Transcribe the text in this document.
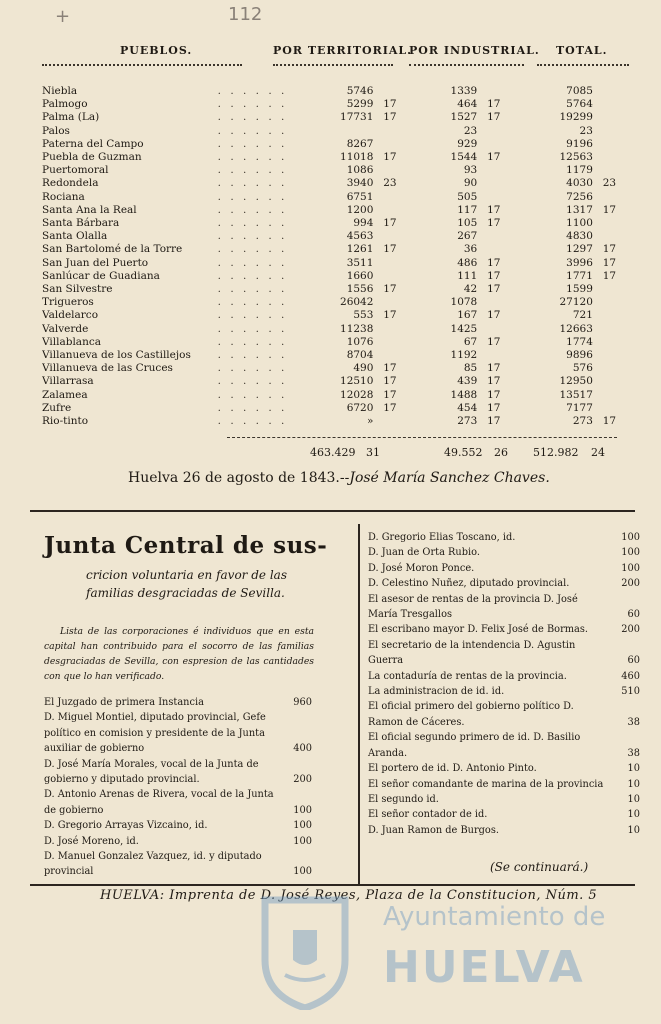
+	112
PUEBLOS.	POR TERRITORIAL.
POR INDUSTRIAL. TOTAL.
Niebla	. . . . . .	5746		1339		7085	
Palmogo	. . . . . .	5299	17	464	17	5764	
Palma (La)	. . . . . .	17731	17	1527	17	19299	
Palos	. . . . . .			23		23	
Paterna del Campo	. . . . . .	8267		929		9196	
Puebla de Guzman	. . . . . .	11018	17	1544	17	12563	
Puertomoral	. . . . . .	1086		93		1179	
Redondela	. . . . . .	3940	23	90		4030	23
Rociana	. . . . . .	6751		505		7256	
Santa Ana la Real	. . . . . .	1200		117	17	1317	17
Santa Bárbara	. . . . . .	994	17	105	17	1100	
Santa Olalla	. . . . . .	4563		267		4830	
San Bartolomé de la Torre	. . . . . .	1261	17	36		1297	17
San Juan del Puerto	. . . . . .	3511		486	17	3996	17
Sanlúcar de Guadiana	. . . . . .	1660		111	17	1771	17
San Silvestre	. . . . . .	1556	17	42	17	1599	
Trigueros	. . . . . .	26042		1078		27120	
Valdelarco	. . . . . .	553	17	167	17	721	
Valverde	. . . . . .	11238		1425		12663	
Villablanca	. . . . . .	1076		67	17	1774	
Villanueva de los Castillejos	. . . . . .	8704		1192		9896	
Villanueva de las Cruces	. . . . . .	490	17	85	17	576	
Villarrasa	. . . . . .	12510	17	439	17	12950	
Zalamea	. . . . . .	12028	17	1488	17	13517	
Zufre	. . . . . .	6720	17	454	17	7177	
Rio-tinto	. . . . . .	»		273	17	273	17
463.429 31	49.552 26 512.982 24
Huelva 26 de agosto de 1843.--José María Sanchez Chaves.
Junta Central de sus-
cricion voluntaria en favor de las familias desgraciadas de Sevilla.
Lista de las corporaciones é individuos que en esta capital han contribuido para el socorro de las familias desgraciadas de Sevilla, con espresion de las cantidades con que lo han verificado.
El Juzgado de primera Instancia	960
D. Miguel Montiel, diputado provincial, Gefe político en comision y presidente de la Junta auxiliar de gobierno	400
D. José María Morales, vocal de la Junta de gobierno y diputado provincial.	200
D. Antonio Arenas de Rivera, vocal de la Junta de gobierno	100
D. Gregorio Arrayas Vizcaino, id.	100
D. José Moreno, id.	100
D. Manuel Gonzalez Vazquez, id. y diputado provincial	100
D. Gregorio Elias Toscano, id.	100
D. Juan de Orta Rubio.	100
D. José Moron Ponce.	100
D. Celestino Nuñez, diputado provincial.	200
El asesor de rentas de la provincia D. José María Tresgallos	60
El escribano mayor D. Felix José de Bormas.	200
El secretario de la intendencia D. Agustin Guerra	60
La contaduría de rentas de la provincia.	460
La administracion de id. id.	510
El oficial primero del gobierno político D. Ramon de Cáceres.	38
El oficial segundo primero de id. D. Basilio Aranda.	38
El portero de id. D. Antonio Pinto.	10
El señor comandante de marina de la provincia	10
El segundo id.	10
El señor contador de id.	10
D. Juan Ramon de Burgos.	10
(Se continuará.)
HUELVA: Imprenta de D. José Reyes, Plaza de la Constitucion, Núm. 5
Ayuntamiento de
HUELVA
